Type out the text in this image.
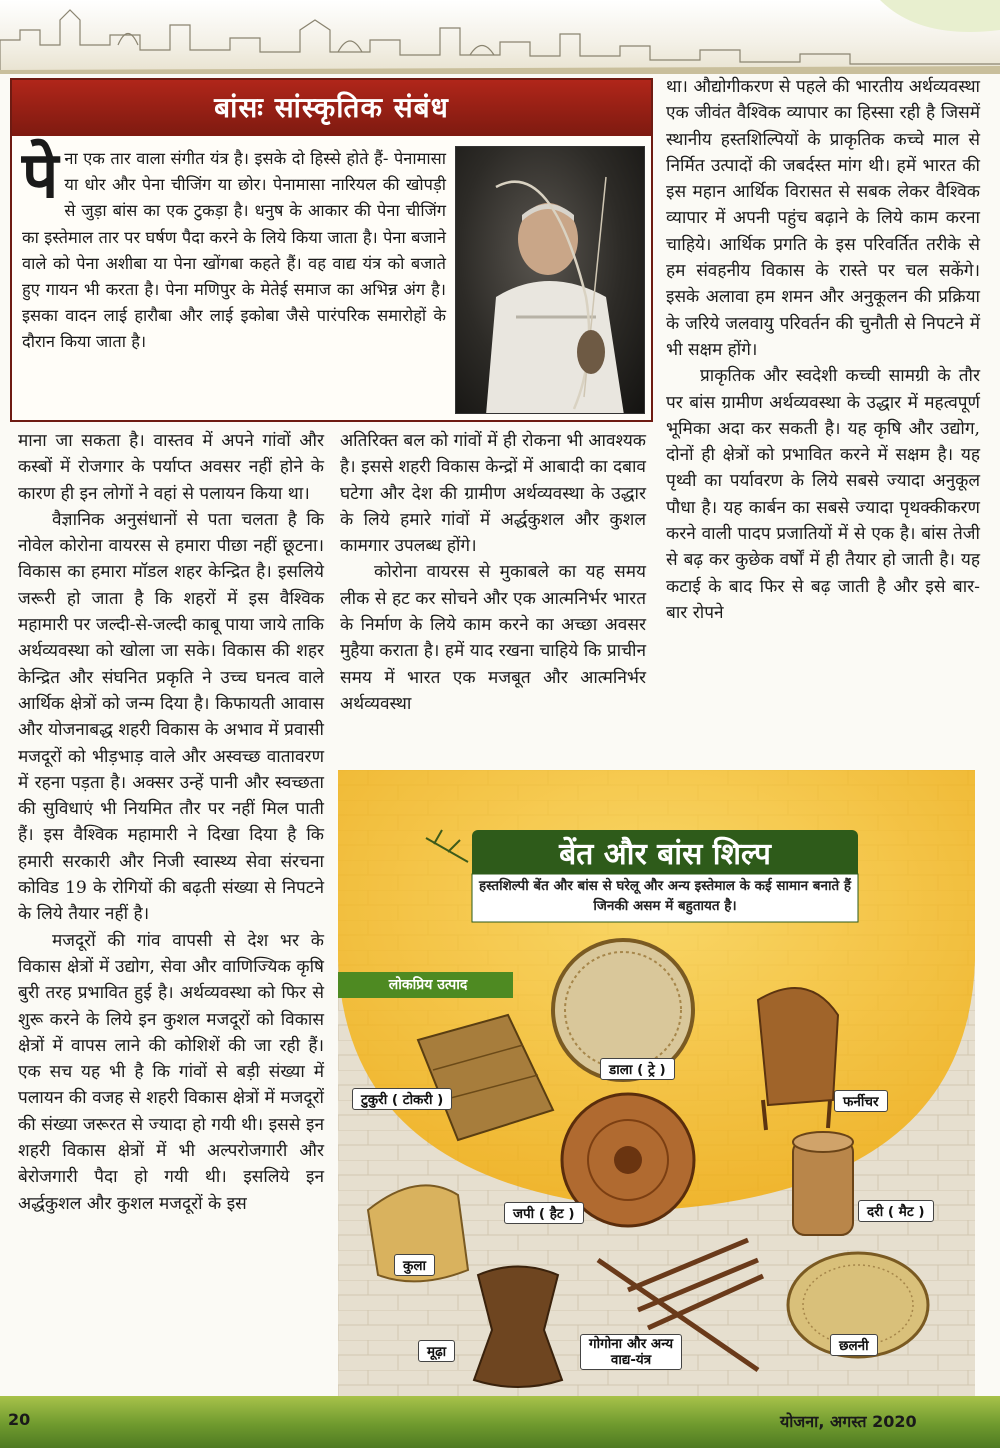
बांसः सांस्कृतिक संबंध
पेना एक तार वाला संगीत यंत्र है। इसके दो हिस्से होते हैं- पेनामासा या धोर और पेना चीजिंग या छोर। पेनामासा नारियल की खोपड़ी से जुड़ा बांस का एक टुकड़ा है। धनुष के आकार की पेना चीजिंग का इस्तेमाल तार पर घर्षण पैदा करने के लिये किया जाता है। पेना बजाने वाले को पेना अशीबा या पेना खोंगबा कहते हैं। वह वाद्य यंत्र को बजाते हुए गायन भी करता है। पेना मणिपुर के मेतेई समाज का अभिन्न अंग है। इसका वादन लाई हारौबा और लाई इकोबा जैसे पारंपरिक समारोहों के दौरान किया जाता है।

माना जा सकता है। वास्तव में अपने गांवों और कस्बों में रोजगार के पर्याप्त अवसर नहीं होने के कारण ही इन लोगों ने वहां से पलायन किया था।

वैज्ञानिक अनुसंधानों से पता चलता है कि नोवेल कोरोना वायरस से हमारा पीछा नहीं छूटना। विकास का हमारा मॉडल शहर केन्द्रित है। इसलिये जरूरी हो जाता है कि शहरों में इस वैश्विक महामारी पर जल्दी-से-जल्दी काबू पाया जाये ताकि अर्थव्यवस्था को खोला जा सके। विकास की शहर केन्द्रित और संघनित प्रकृति ने उच्च घनत्व वाले आर्थिक क्षेत्रों को जन्म दिया है। किफायती आवास और योजनाबद्ध शहरी विकास के अभाव में प्रवासी मजदूरों को भीड़भाड़ वाले और अस्वच्छ वातावरण में रहना पड़ता है। अक्सर उन्हें पानी और स्वच्छता की सुविधाएं भी नियमित तौर पर नहीं मिल पाती हैं। इस वैश्विक महामारी ने दिखा दिया है कि हमारी सरकारी और निजी स्वास्थ्य सेवा संरचना कोविड 19 के रोगियों की बढ़ती संख्या से निपटने के लिये तैयार नहीं है।

मजदूरों की गांव वापसी से देश भर के विकास क्षेत्रों में उद्योग, सेवा और वाणिज्यिक कृषि बुरी तरह प्रभावित हुई है। अर्थव्यवस्था को फिर से शुरू करने के लिये इन कुशल मजदूरों को विकास क्षेत्रों में वापस लाने की कोशिशें की जा रही हैं। एक सच यह भी है कि गांवों से बड़ी संख्या में पलायन की वजह से शहरी विकास क्षेत्रों में मजदूरों की संख्या जरूरत से ज्यादा हो गयी थी। इससे इन शहरी विकास क्षेत्रों में भी अल्परोजगारी और बेरोजगारी पैदा हो गयी थी। इसलिये इन अर्द्धकुशल और कुशल मजदूरों के इस

अतिरिक्त बल को गांवों में ही रोकना भी आवश्यक है। इससे शहरी विकास केन्द्रों में आबादी का दबाव घटेगा और देश की ग्रामीण अर्थव्यवस्था के उद्धार के लिये हमारे गांवों में अर्द्धकुशल और कुशल कामगार उपलब्ध होंगे।

कोरोना वायरस से मुकाबले का यह समय लीक से हट कर सोचने और एक आत्मनिर्भर भारत के निर्माण के लिये काम करने का अच्छा अवसर मुहैया कराता है। हमें याद रखना चाहिये कि प्राचीन समय में भारत एक मजबूत और आत्मनिर्भर अर्थव्यवस्था

था। औद्योगीकरण से पहले की भारतीय अर्थव्यवस्था एक जीवंत वैश्विक व्यापार का हिस्सा रही है जिसमें स्थानीय हस्तशिल्पियों के प्राकृतिक कच्चे माल से निर्मित उत्पादों की जबर्दस्त मांग थी। हमें भारत की इस महान आर्थिक विरासत से सबक लेकर वैश्विक व्यापार में अपनी पहुंच बढ़ाने के लिये काम करना चाहिये। आर्थिक प्रगति के इस परिवर्तित तरीके से हम संवहनीय विकास के रास्ते पर चल सकेंगे। इसके अलावा हम शमन और अनुकूलन की प्रक्रिया के जरिये जलवायु परिवर्तन की चुनौती से निपटने में भी सक्षम होंगे।

प्राकृतिक और स्वदेशी कच्ची सामग्री के तौर पर बांस ग्रामीण अर्थव्यवस्था के उद्धार में महत्वपूर्ण भूमिका अदा कर सकती है। यह कृषि और उद्योग, दोनों ही क्षेत्रों को प्रभावित करने में सक्षम है। यह पृथ्वी का पर्यावरण के लिये सबसे ज्यादा अनुकूल पौधा है। यह कार्बन का सबसे ज्यादा पृथक्कीकरण करने वाली पादप प्रजातियों में से एक है। बांस तेजी से बढ़ कर कुछेक वर्षों में ही तैयार हो जाती है। यह कटाई के बाद फिर से बढ़ जाती है और इसे बार-बार रोपने

बेंत और बांस शिल्प
हस्तशिल्पी बेंत और बांस से घरेलू और अन्य इस्तेमाल के कई सामान बनाते हैं जिनकी असम में बहुतायत है।
लोकप्रिय उत्पाद
डाला ( ट्रे )
टुकुरी ( टोकरी )	फर्नीचर
जपी ( हैट )	दरी ( मैट )
कुला
मूढ़ा	गोगोना और अन्य
वाद्य-यंत्र
छलनी
20	योजना, अगस्त 2020
